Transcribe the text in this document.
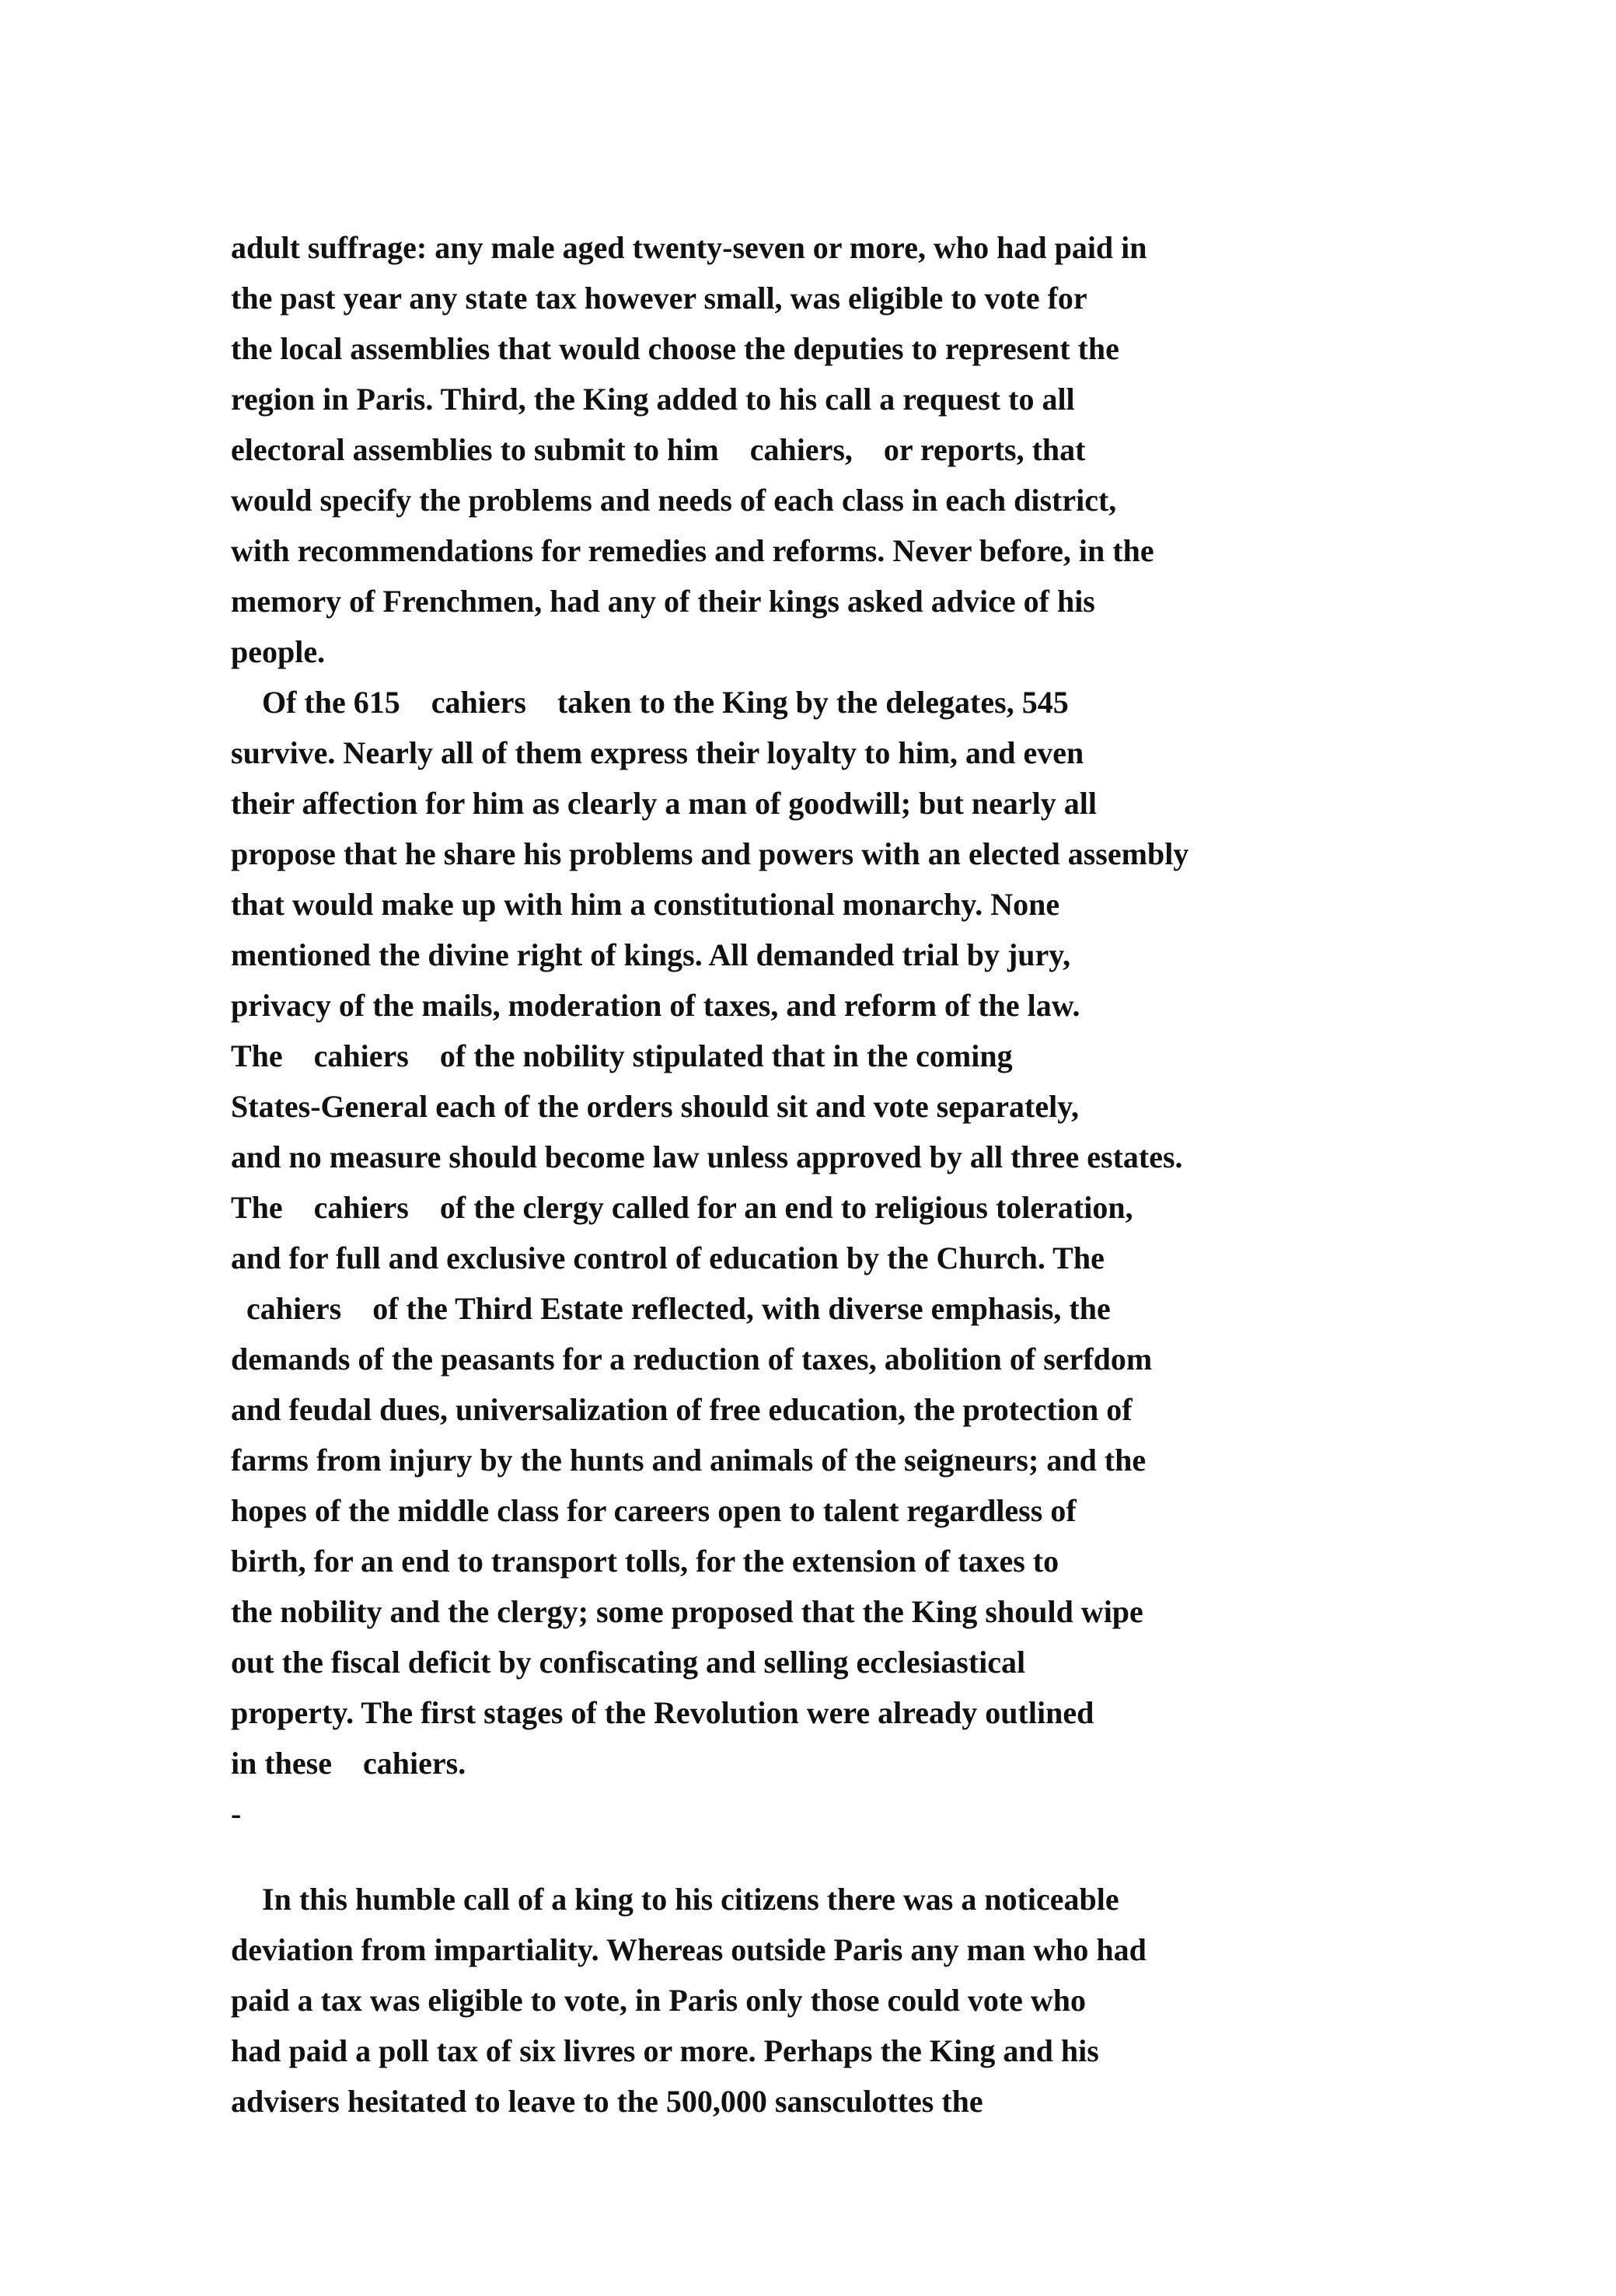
adult suffrage: any male aged twenty-seven or more, who had paid in
the past year any state tax however small, was eligible to vote for
the local assemblies that would choose the deputies to represent the
region in Paris. Third, the King added to his call a request to all
electoral assemblies to submit to him    cahiers,    or reports, that
would specify the problems and needs of each class in each district,
with recommendations for remedies and reforms. Never before, in the
memory of Frenchmen, had any of their kings asked advice of his
people.
Of the 615    cahiers    taken to the King by the delegates, 545
survive. Nearly all of them express their loyalty to him, and even
their affection for him as clearly a man of goodwill; but nearly all
propose that he share his problems and powers with an elected assembly
that would make up with him a constitutional monarchy. None
mentioned the divine right of kings. All demanded trial by jury,
privacy of the mails, moderation of taxes, and reform of the law.
The    cahiers    of the nobility stipulated that in the coming
States-General each of the orders should sit and vote separately,
and no measure should become law unless approved by all three estates.
The    cahiers    of the clergy called for an end to religious toleration,
and for full and exclusive control of education by the Church. The
cahiers    of the Third Estate reflected, with diverse emphasis, the
demands of the peasants for a reduction of taxes, abolition of serfdom
and feudal dues, universalization of free education, the protection of
farms from injury by the hunts and animals of the seigneurs; and the
hopes of the middle class for careers open to talent regardless of
birth, for an end to transport tolls, for the extension of taxes to
the nobility and the clergy; some proposed that the King should wipe
out the fiscal deficit by confiscating and selling ecclesiastical
property. The first stages of the Revolution were already outlined
in these    cahiers.
-
In this humble call of a king to his citizens there was a noticeable
deviation from impartiality. Whereas outside Paris any man who had
paid a tax was eligible to vote, in Paris only those could vote who
had paid a poll tax of six livres or more. Perhaps the King and his
advisers hesitated to leave to the 500,000 sansculottes the
